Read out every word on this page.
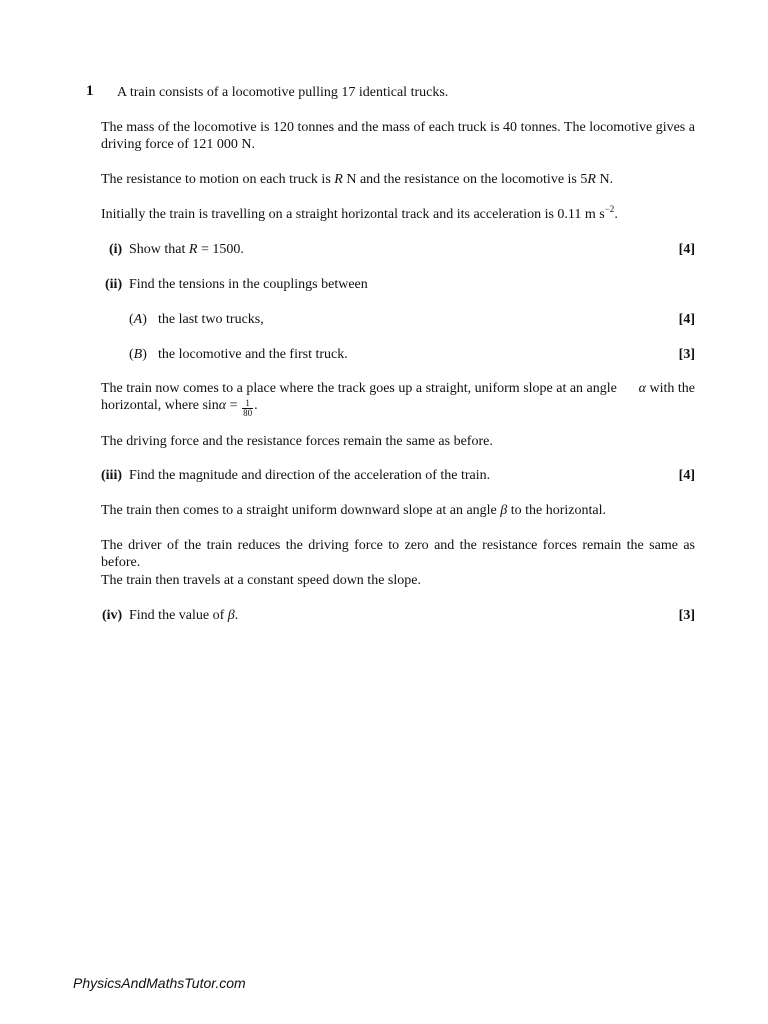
1 A train consists of a locomotive pulling 17 identical trucks.
The mass of the locomotive is 120 tonnes and the mass of each truck is 40 tonnes. The locomotive gives a driving force of 121 000 N.
The resistance to motion on each truck is R N and the resistance on the locomotive is 5R N.
Initially the train is travelling on a straight horizontal track and its acceleration is 0.11 m $s^{-2}$.
(i) Show that R = 1500.	[4]
(ii) Find the tensions in the couplings between
(A) the last two trucks,	[4]
(B) the locomotive and the first truck.	[3]
The train now comes to a place where the track goes up a straight, uniform slope at an angle α with the
horizontal, where $\sin\alpha = \frac{1}{80}$ .
The driving force and the resistance forces remain the same as before.
(iii) Find the magnitude and direction of the acceleration of the train.	[4]
The train then comes to a straight uniform downward slope at an angle β to the horizontal.
The driver of the train reduces the driving force to zero and the resistance forces remain the same as before.
The train then travels at a constant speed down the slope.
(iv) Find the value of β.	[3]
PhysicsAndMathsTutor.com
